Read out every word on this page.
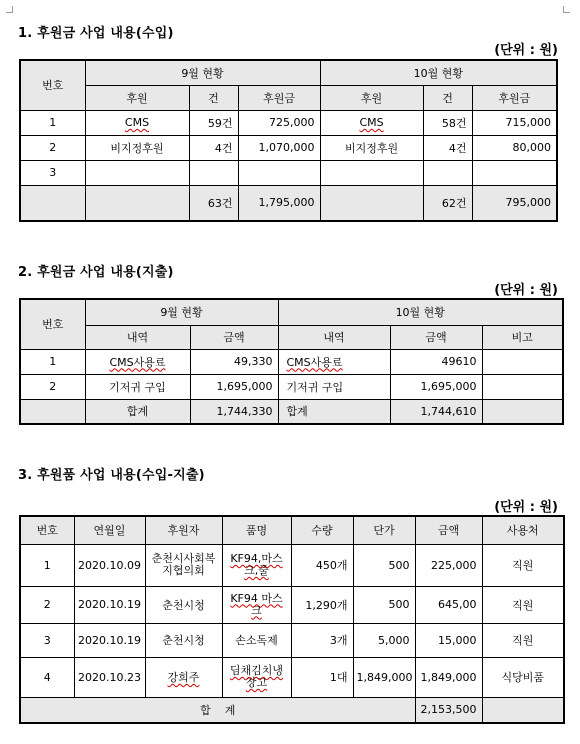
1. 후원금 사업 내용(수입)
(단위 : 원)
번호	9월 현황			10월 현황		
	후원	건	후원금	후원	건	후원금
1	CMS	59건	725,000	CMS	58건	715,000
2	비지정후원	4건	1,070,000	비지정후원	4건	80,000
3						
		63건	1,795,000		62건	795,000
2. 후원금 사업 내용(지출)
(단위 : 원)
번호	9월 현황		10월 현황		
	내역	금액	내역	금액	비고
1	CMS사용료	49,330	CMS사용료	49610	
2	기저귀 구입	1,695,000	기저귀 구입	1,695,000	
	합계	1,744,330	합계	1,744,610	
3. 후원품 사업 내용(수입-지출)
(단위 : 원)
번호	연월일	후원자	품명	수량	단가	금액	사용처
1	2020.10.09	춘천시사회복지협의회	KF94,마스크,줄	450개	500	225,000	직원
2	2020.10.19	춘천시청	KF94 마스크	1,290개	500	645,00	직원
3	2020.10.19	춘천시청	손소독제	3개	5,000	15,000	직원
4	2020.10.23	강희주	딤채김치냉장고	1대	1,849,000	1,849,000	식당비품
합    계						2,153,500	
